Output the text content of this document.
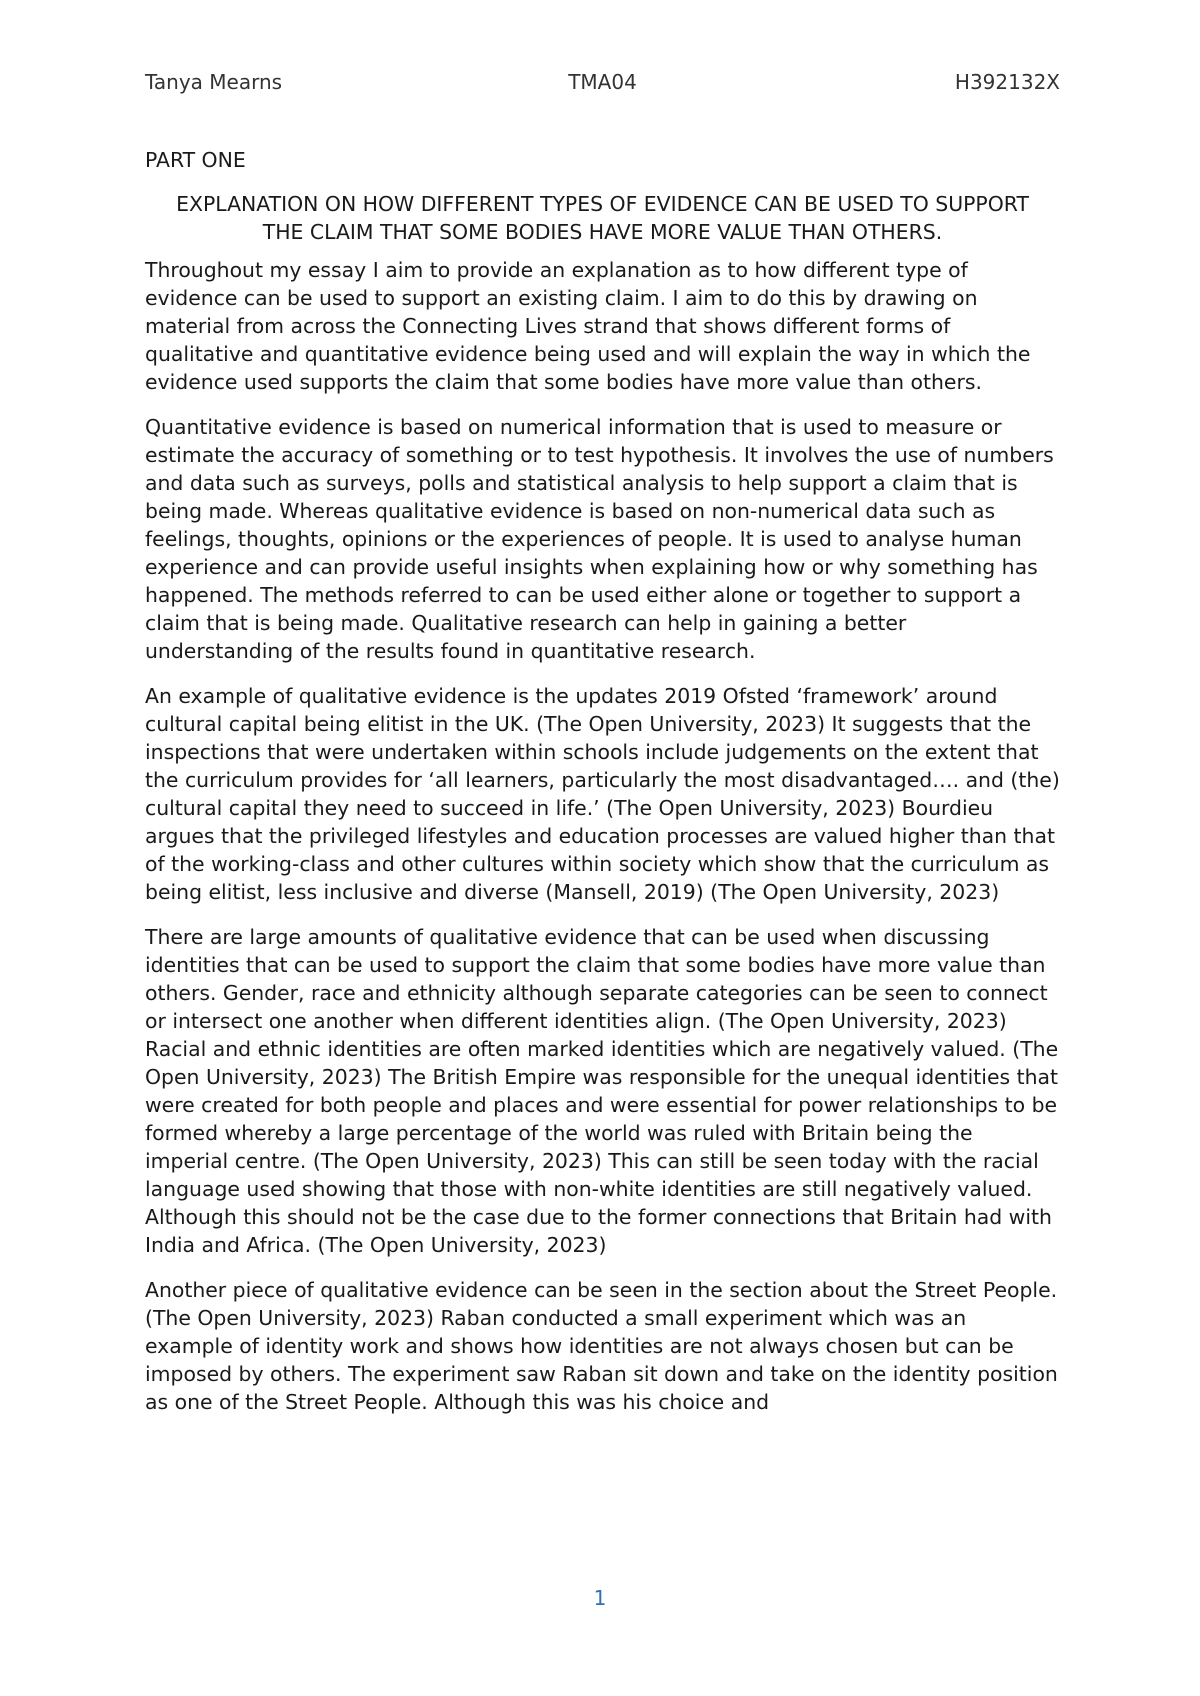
Tanya Mearns	TMA04	H392132X

PART ONE

EXPLANATION ON HOW DIFFERENT TYPES OF EVIDENCE CAN BE USED TO SUPPORT THE CLAIM THAT SOME BODIES HAVE MORE VALUE THAN OTHERS.

Throughout my essay I aim to provide an explanation as to how different type of evidence can be used to support an existing claim. I aim to do this by drawing on material from across the Connecting Lives strand that shows different forms of qualitative and quantitative evidence being used and will explain the way in which the evidence used supports the claim that some bodies have more value than others.

Quantitative evidence is based on numerical information that is used to measure or estimate the accuracy of something or to test hypothesis. It involves the use of numbers and data such as surveys, polls and statistical analysis to help support a claim that is being made. Whereas qualitative evidence is based on non-numerical data such as feelings, thoughts, opinions or the experiences of people. It is used to analyse human experience and can provide useful insights when explaining how or why something has happened. The methods referred to can be used either alone or together to support a claim that is being made. Qualitative research can help in gaining a better understanding of the results found in quantitative research.

An example of qualitative evidence is the updates 2019 Ofsted ‘framework’ around cultural capital being elitist in the UK. (The Open University, 2023) It suggests that the inspections that were undertaken within schools include judgements on the extent that the curriculum provides for ‘all learners, particularly the most disadvantaged…. and (the) cultural capital they need to succeed in life.’ (The Open University, 2023) Bourdieu argues that the privileged lifestyles and education processes are valued higher than that of the working-class and other cultures within society which show that the curriculum as being elitist, less inclusive and diverse (Mansell, 2019) (The Open University, 2023)

There are large amounts of qualitative evidence that can be used when discussing identities that can be used to support the claim that some bodies have more value than others. Gender, race and ethnicity although separate categories can be seen to connect or intersect one another when different identities align. (The Open University, 2023) Racial and ethnic identities are often marked identities which are negatively valued. (The Open University, 2023) The British Empire was responsible for the unequal identities that were created for both people and places and were essential for power relationships to be formed whereby a large percentage of the world was ruled with Britain being the imperial centre. (The Open University, 2023) This can still be seen today with the racial language used showing that those with non-white identities are still negatively valued. Although this should not be the case due to the former connections that Britain had with India and Africa. (The Open University, 2023)

Another piece of qualitative evidence can be seen in the section about the Street People. (The Open University, 2023) Raban conducted a small experiment which was an example of identity work and shows how identities are not always chosen but can be imposed by others. The experiment saw Raban sit down and take on the identity position as one of the Street People. Although this was his choice and

1
